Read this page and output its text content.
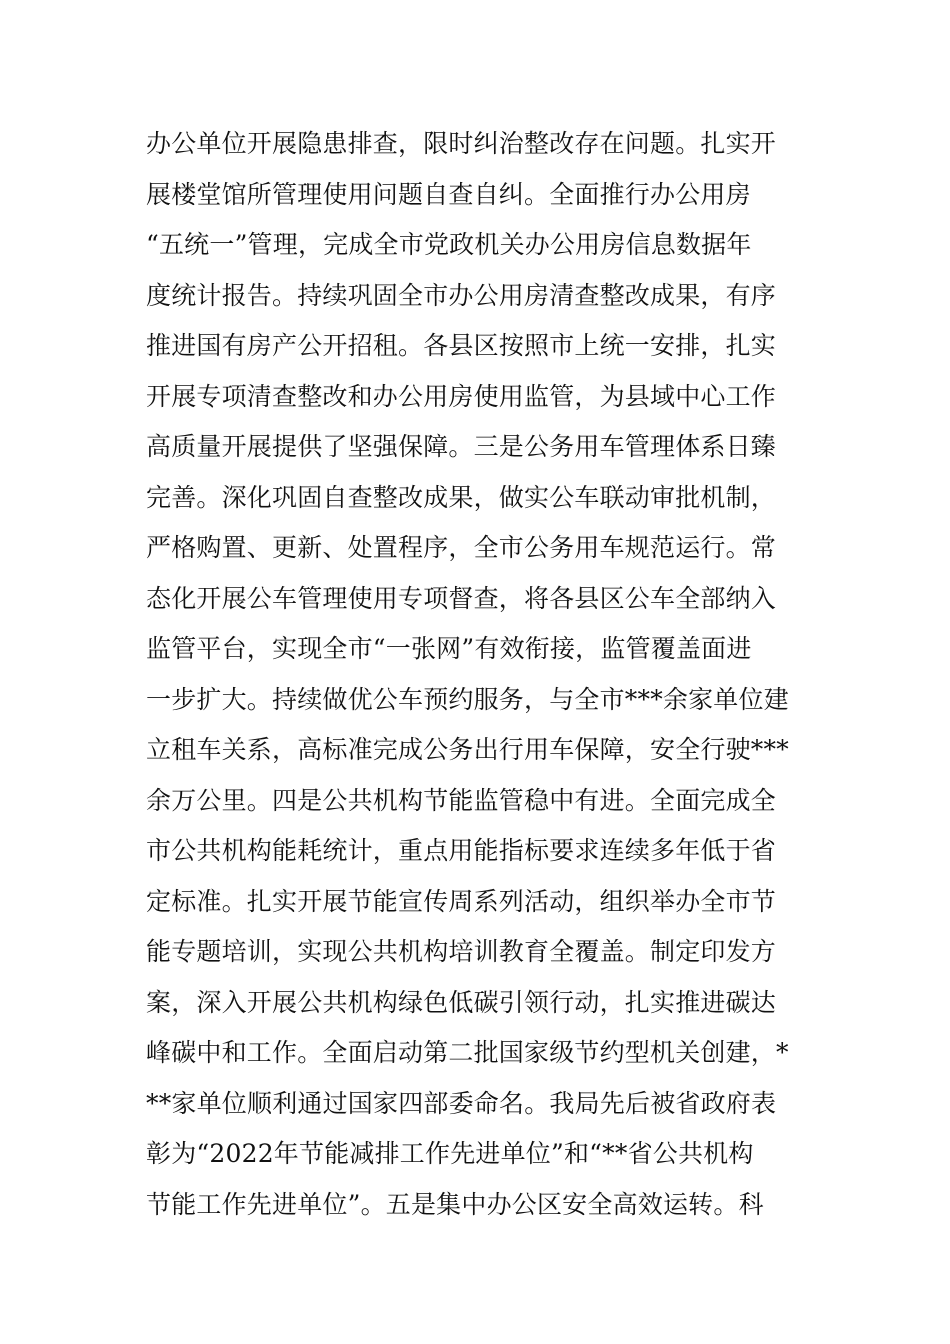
办公单位开展隐患排查，限时纠治整改存在问题。扎实开
展楼堂馆所管理使用问题自查自纠。全面推行办公用房
“五统一”管理，完成全市党政机关办公用房信息数据年
度统计报告。持续巩固全市办公用房清查整改成果，有序
推进国有房产公开招租。各县区按照市上统一安排，扎实
开展专项清查整改和办公用房使用监管，为县域中心工作
高质量开展提供了坚强保障。三是公务用车管理体系日臻
完善。深化巩固自查整改成果，做实公车联动审批机制，
严格购置、更新、处置程序，全市公务用车规范运行。常
态化开展公车管理使用专项督查，将各县区公车全部纳入
监管平台，实现全市“一张网”有效衔接，监管覆盖面进
一步扩大。持续做优公车预约服务，与全市***余家单位建
立租车关系，高标准完成公务出行用车保障，安全行驶***
余万公里。四是公共机构节能监管稳中有进。全面完成全
市公共机构能耗统计，重点用能指标要求连续多年低于省
定标准。扎实开展节能宣传周系列活动，组织举办全市节
能专题培训，实现公共机构培训教育全覆盖。制定印发方
案，深入开展公共机构绿色低碳引领行动，扎实推进碳达
峰碳中和工作。全面启动第二批国家级节约型机关创建，*
**家单位顺利通过国家四部委命名。我局先后被省政府表
彰为“2022年节能减排工作先进单位”和“**省公共机构
节能工作先进单位”。五是集中办公区安全高效运转。科
